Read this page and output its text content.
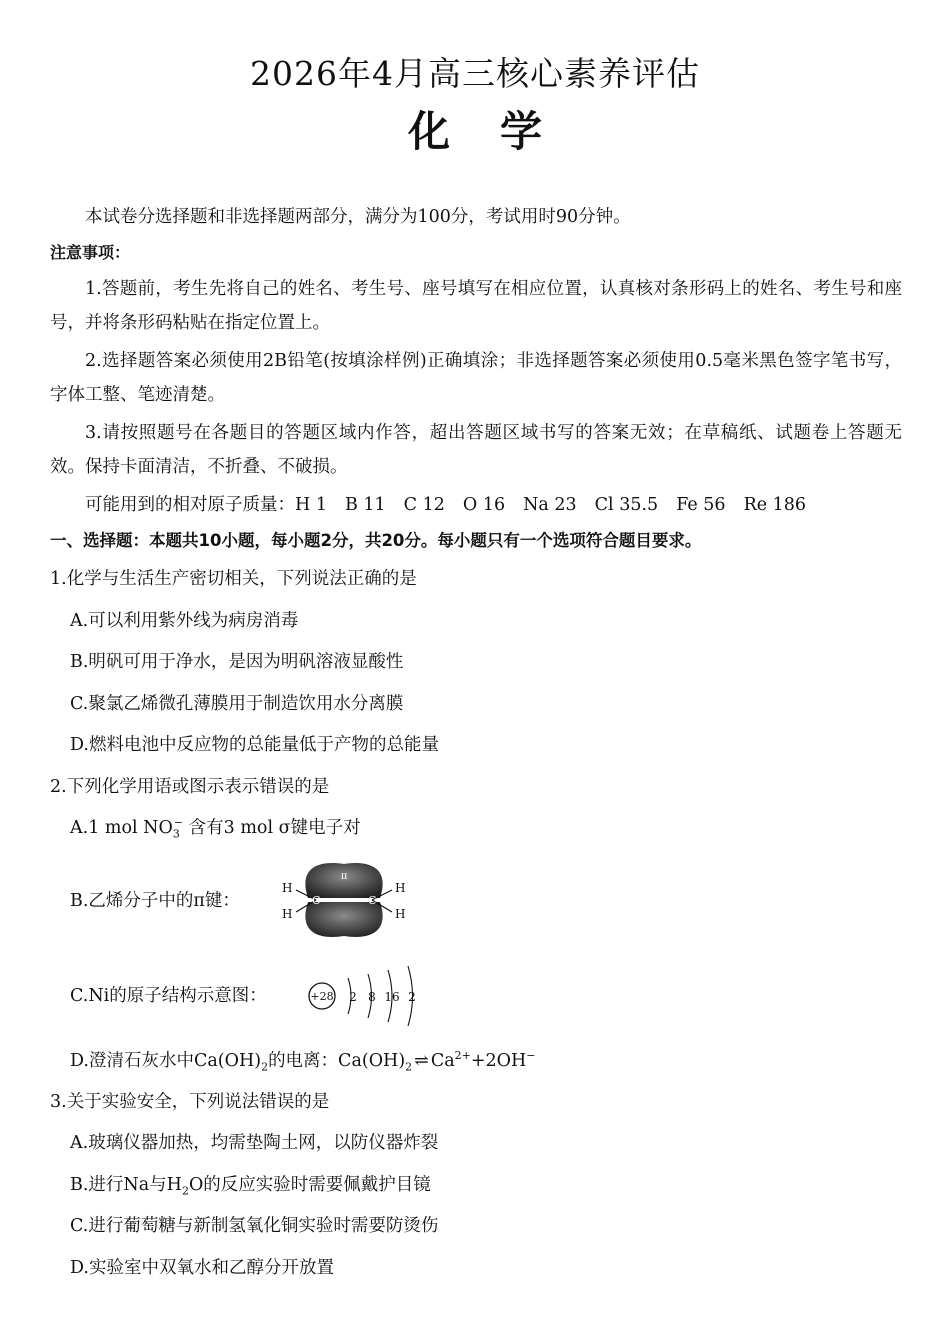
2026年4月高三核心素养评估
化学
本试卷分选择题和非选择题两部分，满分为100分，考试用时90分钟。
注意事项：
1.答题前，考生先将自己的姓名、考生号、座号填写在相应位置，认真核对条形码上的姓名、考生号和座号，并将条形码粘贴在指定位置上。
2.选择题答案必须使用2B铅笔(按填涂样例)正确填涂；非选择题答案必须使用0.5毫米黑色签字笔书写，字体工整、笔迹清楚。
3.请按照题号在各题目的答题区域内作答，超出答题区域书写的答案无效；在草稿纸、试题卷上答题无效。保持卡面清洁，不折叠、不破损。
可能用到的相对原子质量：H 1 B 11 C 12 O 16 Na 23 Cl 35.5 Fe 56 Re 186
一、选择题：本题共10小题，每小题2分，共20分。每小题只有一个选项符合题目要求。
1.化学与生活生产密切相关，下列说法正确的是
A.可以利用紫外线为病房消毒
B.明矾可用于净水，是因为明矾溶液显酸性
C.聚氯乙烯微孔薄膜用于制造饮用水分离膜
D.燃料电池中反应物的总能量低于产物的总能量
2.下列化学用语或图示表示错误的是
A.1 mol $NO_3^-$ 含有3 mol σ键电子对
B.乙烯分子中的π键：
π
C	C
H
H
H
H
C.Ni的原子结构示意图：	+28 2 8 16 2
D.澄清石灰水中$Ca(OH)_2$的电离：$Ca(OH)_2$ ⇌ $Ca^{2+}+2OH^-$
3.关于实验安全，下列说法错误的是
A.玻璃仪器加热，均需垫陶土网，以防仪器炸裂
B.进行Na与$H_2O$的反应实验时需要佩戴护目镜
C.进行葡萄糖与新制氢氧化铜实验时需要防烫伤
D.实验室中双氧水和乙醇分开放置
